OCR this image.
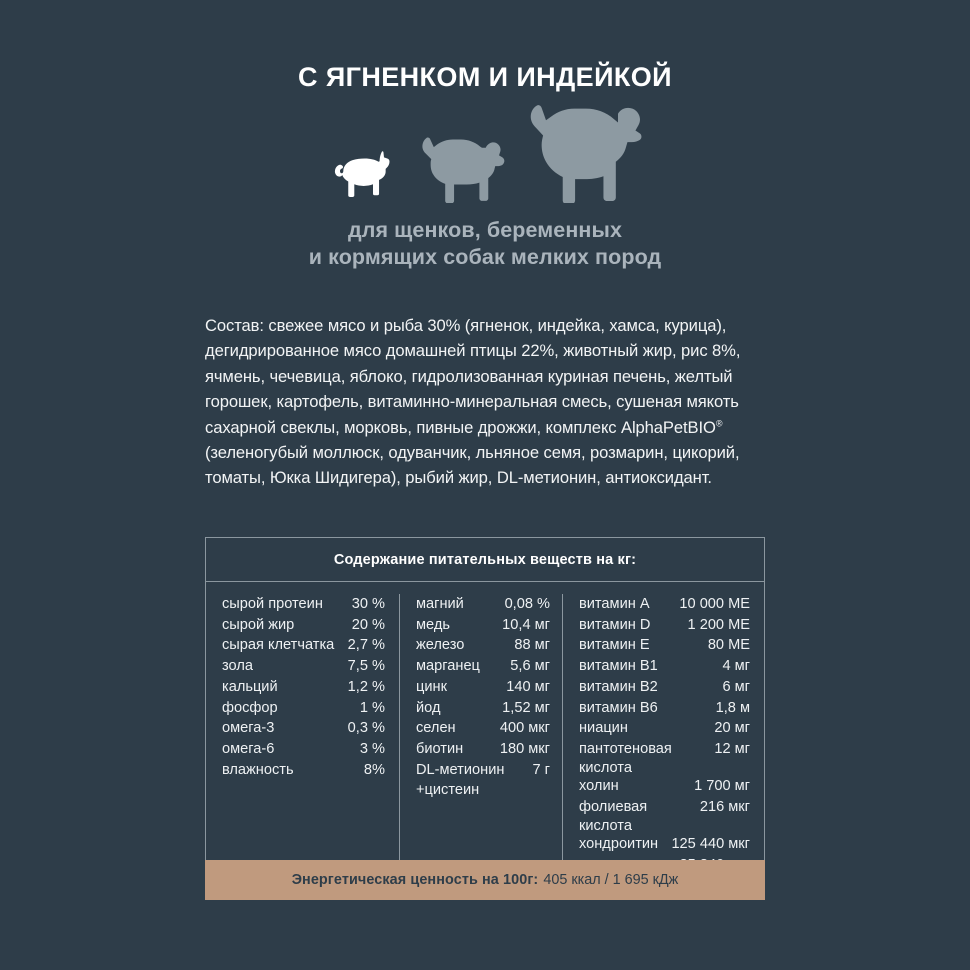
С ЯГНЕНКОМ И ИНДЕЙКОЙ
для щенков, беременных
и кормящих собак мелких пород
Состав: свежее мясо и рыба 30% (ягненок, индейка, хамса, курица), дегидрированное мясо домашней птицы 22%, животный жир, рис 8%, ячмень, чечевица, яблоко, гидролизованная куриная печень, желтый горошек, картофель, витаминно-минеральная смесь, сушеная мякоть сахарной свеклы, морковь, пивные дрожжи, комплекс AlphaPetBIO® (зеленогубый моллюск, одуванчик, льняное семя, розмарин, цикорий, томаты, Юкка Шидигера), рыбий жир, DL-метионин, антиоксидант.
Содержание питательных веществ на кг:
сырой протеин	30 %
сырой жир	20 %
сырая клетчатка 2,7 %
зола	7,5 %
кальций	1,2 %
фосфор	1 %
омега-3	0,3 %
омега-6	3 %
влажность	8%
магний	0,08 %
медь	10,4 мг
железо	88 мг
марганец	5,6 мг
цинк	140 мг
йод	1,52 мг
селен	400 мкг
биотин	180 мкг
DL-метионин	7 г
+цистеин
витамин A	10 000 МЕ
витамин D	1 200 МЕ
витамин E	80 МЕ
витамин B1	4 мг
витамин B2	6 мг
витамин B6	1,8 м
ниацин	20 мг
пантотеновая	12 мг
кислота
холин	1 700 мг
фолиевая	216 мкг
кислота
хондроитин 125 440 мкг
Энергетическая ценность на 100г: 405 ккал / 1 695 кДж
